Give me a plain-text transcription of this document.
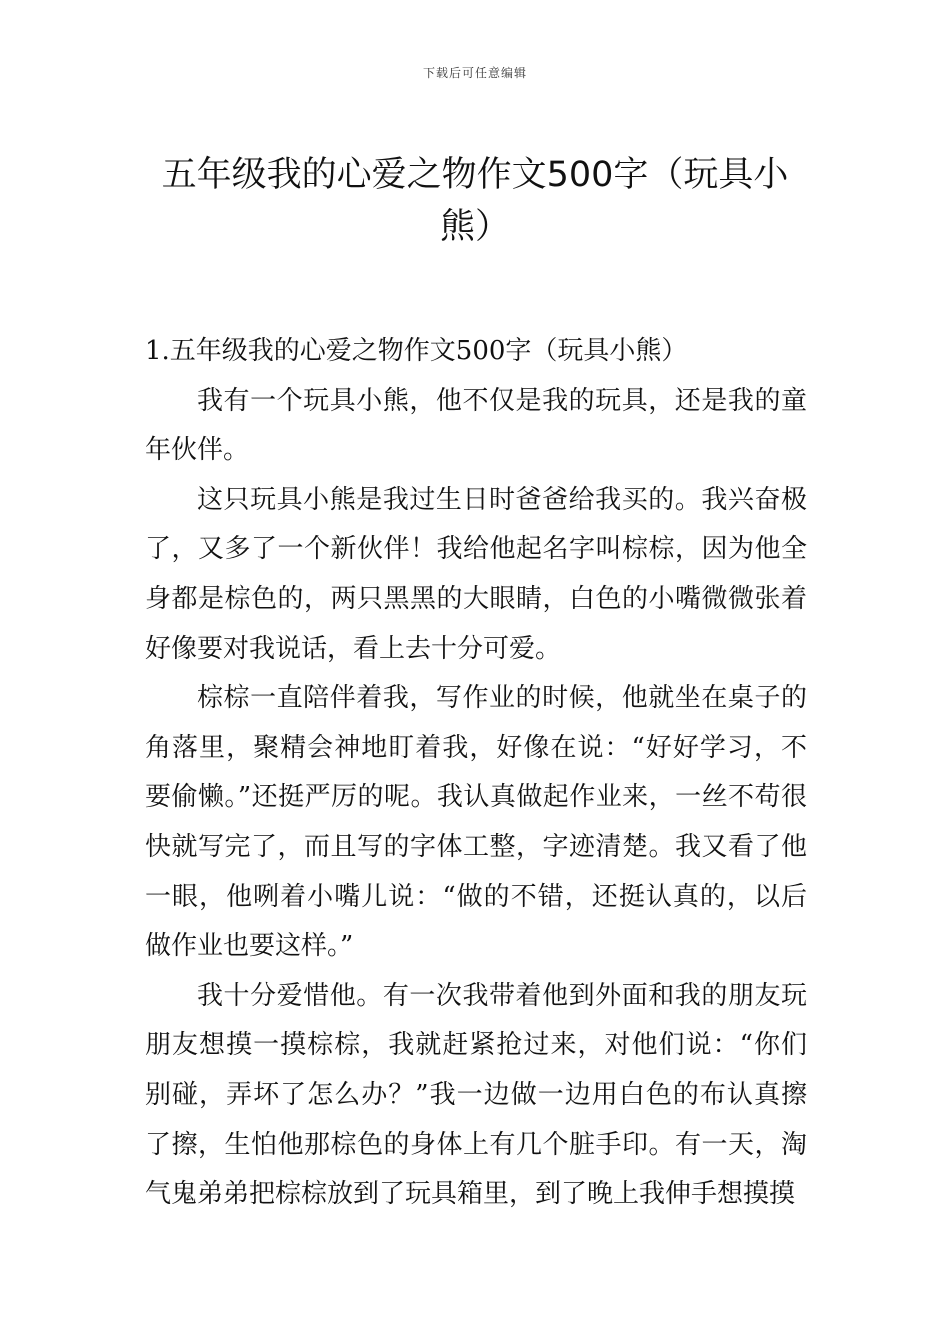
下载后可任意编辑
五年级我的心爱之物作文500字（玩具小熊）

1.五年级我的心爱之物作文500字（玩具小熊）

我有一个玩具小熊，他不仅是我的玩具，还是我的童年伙伴。

这只玩具小熊是我过生日时爸爸给我买的。我兴奋极了，又多了一个新伙伴！我给他起名字叫棕棕，因为他全身都是棕色的，两只黑黑的大眼睛，白色的小嘴微微张着好像要对我说话，看上去十分可爱。

棕棕一直陪伴着我，写作业的时候，他就坐在桌子的角落里，聚精会神地盯着我，好像在说：“好好学习，不要偷懒。”还挺严厉的呢。我认真做起作业来，一丝不苟很快就写完了，而且写的字体工整，字迹清楚。我又看了他一眼，他咧着小嘴儿说：“做的不错，还挺认真的，以后做作业也要这样。”

我十分爱惜他。有一次我带着他到外面和我的朋友玩朋友想摸一摸棕棕，我就赶紧抢过来，对他们说：“你们别碰，弄坏了怎么办？”我一边做一边用白色的布认真擦了擦，生怕他那棕色的身体上有几个脏手印。有一天，淘气鬼弟弟把棕棕放到了玩具箱里，到了晚上我伸手想摸摸
